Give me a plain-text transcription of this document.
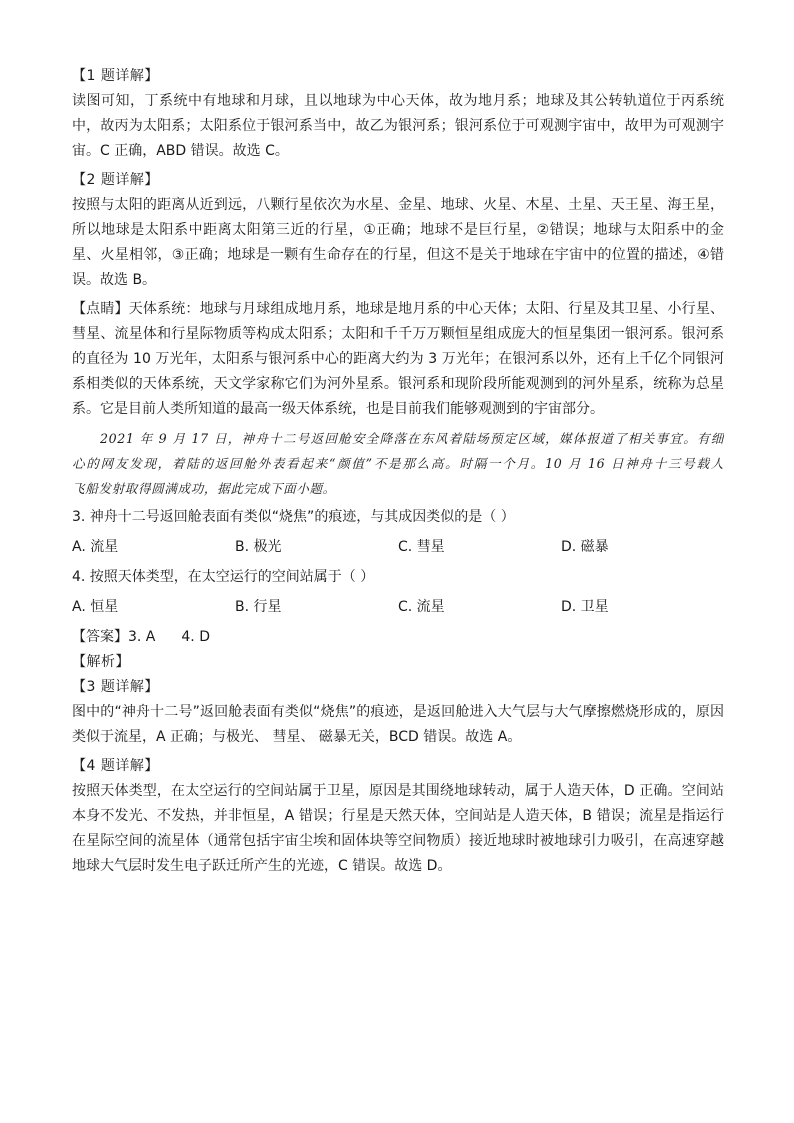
【1 题详解】
读图可知，丁系统中有地球和月球，且以地球为中心天体，故为地月系；地球及其公转轨道位于丙系统
中，故丙为太阳系；太阳系位于银河系当中，故乙为银河系；银河系位于可观测宇宙中，故甲为可观测宇
宙。C 正确，ABD 错误。故选 C。
【2 题详解】
按照与太阳的距离从近到远，八颗行星依次为水星、金星、地球、火星、木星、土星、天王星、海王星，
所以地球是太阳系中距离太阳第三近的行星，①正确；地球不是巨行星，②错误；地球与太阳系中的金
星、火星相邻，③正确；地球是一颗有生命存在的行星，但这不是关于地球在宇宙中的位置的描述，④错
误。故选 B。
【点睛】天体系统：地球与月球组成地月系，地球是地月系的中心天体；太阳、行星及其卫星、小行星、
彗星、流星体和行星际物质等构成太阳系；太阳和千千万万颗恒星组成庞大的恒星集团一银河系。银河系
的直径为 10 万光年，太阳系与银河系中心的距离大约为 3 万光年；在银河系以外，还有上千亿个同银河
系相类似的天体系统，天文学家称它们为河外星系。银河系和现阶段所能观测到的河外星系，统称为总星
系。它是目前人类所知道的最高一级天体系统，也是目前我们能够观测到的宇宙部分。
2021 年 9 月 17 日，神舟十二号返回舱安全降落在东风着陆场预定区域，媒体报道了相关事宜。有细
心的网友发现，着陆的返回舱外表看起来“颜值”不是那么高。时隔一个月。10 月 16 日神舟十三号载人
飞船发射取得圆满成功，据此完成下面小题。
3. 神舟十二号返回舱表面有类似“烧焦”的痕迹，与其成因类似的是（ ）
A. 流星	B. 极光	C. 彗星	D. 磁暴
4. 按照天体类型，在太空运行的空间站属于（ ）
A. 恒星	B. 行星	C. 流星	D. 卫星
【答案】3. A 4. D
【解析】
【3 题详解】
图中的“神舟十二号”返回舱表面有类似“烧焦”的痕迹，是返回舱进入大气层与大气摩擦燃烧形成的，原因
类似于流星，A 正确；与极光、 彗星、 磁暴无关，BCD 错误。故选 A。
【4 题详解】
按照天体类型，在太空运行的空间站属于卫星，原因是其围绕地球转动，属于人造天体，D 正确。空间站
本身不发光、不发热，并非恒星，A 错误；行星是天然天体，空间站是人造天体，B 错误；流星是指运行
在星际空间的流星体（通常包括宇宙尘埃和固体块等空间物质）接近地球时被地球引力吸引，在高速穿越
地球大气层时发生电子跃迁所产生的光迹，C 错误。故选 D。
